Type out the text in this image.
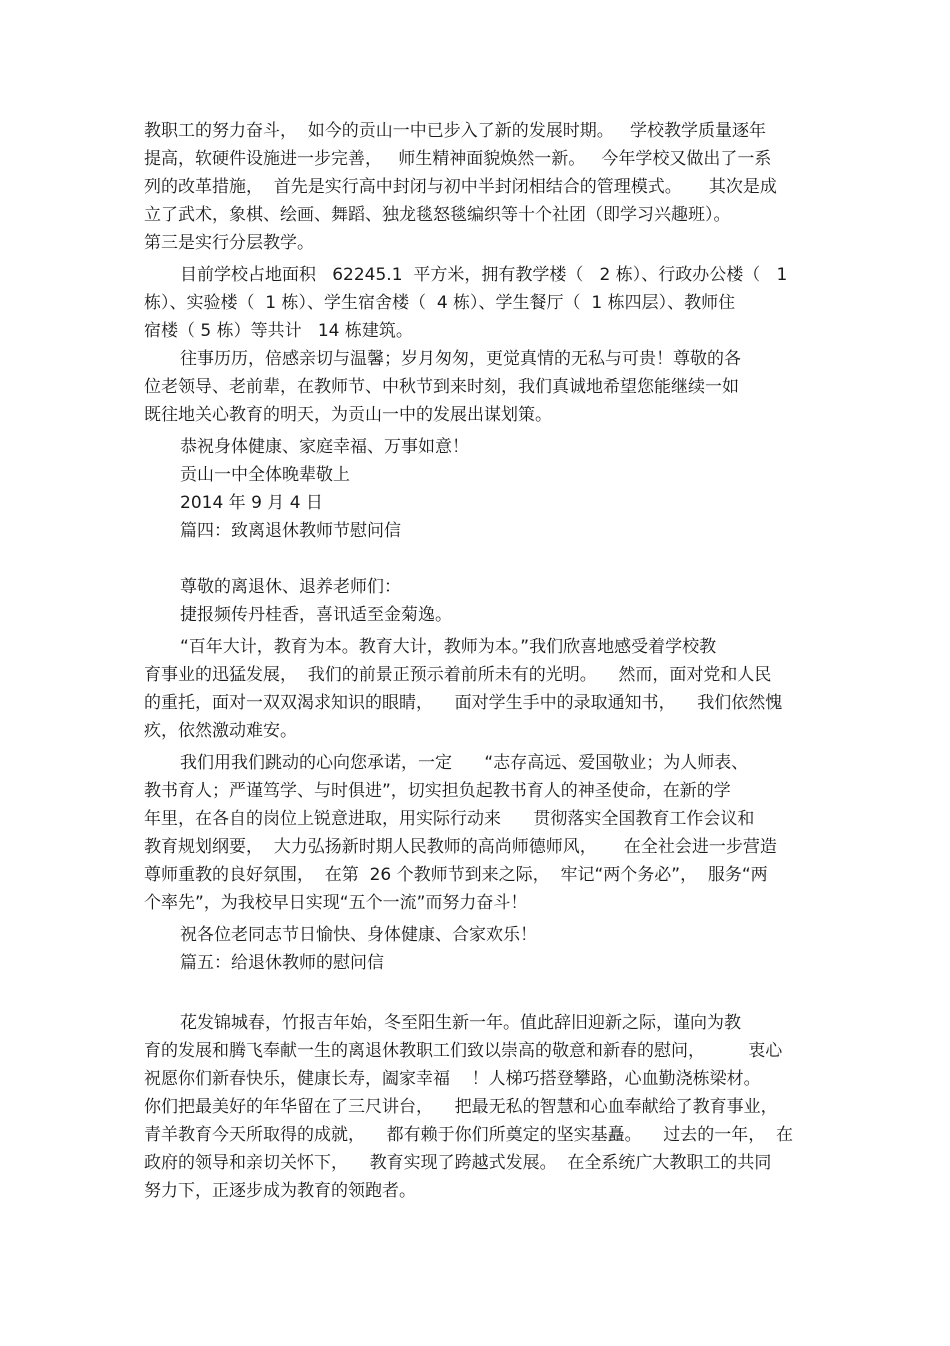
教职工的努力奋斗，  如今的贡山一中已步入了新的发展时期。   学校教学质量逐年
提高，软硬件设施进一步完善，   师生精神面貌焕然一新。   今年学校又做出了一系
列的改革措施，  首先是实行高中封闭与初中半封闭相结合的管理模式。     其次是成
立了武术，象棋、绘画、舞蹈、独龙毯怒毯编织等十个社团（即学习兴趣班）。
第三是实行分层教学。
目前学校占地面积   62245.1  平方米，拥有教学楼（   2 栋）、行政办公楼（   1
栋）、实验楼（  1 栋）、学生宿舍楼（  4 栋）、学生餐厅（  1 栋四层）、教师住
宿楼（ 5 栋）等共计   14 栋建筑。
往事历历，倍感亲切与温馨；岁月匆匆，更觉真情的无私与可贵！尊敬的各
位老领导、老前辈，在教师节、中秋节到来时刻，我们真诚地希望您能继续一如
既往地关心教育的明天，为贡山一中的发展出谋划策。
恭祝身体健康、家庭幸福、万事如意！
贡山一中全体晚辈敬上
2014 年 9 月 4 日
篇四：致离退休教师节慰问信
尊敬的离退休、退养老师们：
捷报频传丹桂香，喜讯适至金菊逸。
“百年大计，教育为本。教育大计，教师为本。”我们欣喜地感受着学校教
育事业的迅猛发展，  我们的前景正预示着前所未有的光明。    然而，面对党和人民
的重托，面对一双双渴求知识的眼睛，    面对学生手中的录取通知书，    我们依然愧
疚，依然激动难安。
我们用我们跳动的心向您承诺，一定      “志存高远、爱国敬业；为人师表、
教书育人；严谨笃学、与时俱进”，切实担负起教书育人的神圣使命，在新的学
年里，在各自的岗位上锐意进取，用实际行动来      贯彻落实全国教育工作会议和
教育规划纲要，  大力弘扬新时期人民教师的高尚师德师风，     在全社会进一步营造
尊师重教的良好氛围，  在第  26 个教师节到来之际，  牢记“两个务必”，  服务“两
个率先”，为我校早日实现“五个一流”而努力奋斗！
祝各位老同志节日愉快、身体健康、合家欢乐！
篇五：给退休教师的慰问信
花发锦城春，竹报吉年始，冬至阳生新一年。值此辞旧迎新之际，谨向为教
育的发展和腾飞奉献一生的离退休教职工们致以崇高的敬意和新春的慰问，        衷心
祝愿你们新春快乐，健康长寿，阖家幸福    ！人梯巧搭登攀路，心血勤浇栋梁材。
你们把最美好的年华留在了三尺讲台，    把最无私的智慧和心血奉献给了教育事业，
青羊教育今天所取得的成就，    都有赖于你们所奠定的坚实基矗。    过去的一年，  在
政府的领导和亲切关怀下，    教育实现了跨越式发展。  在全系统广大教职工的共同
努力下，正逐步成为教育的领跑者。
